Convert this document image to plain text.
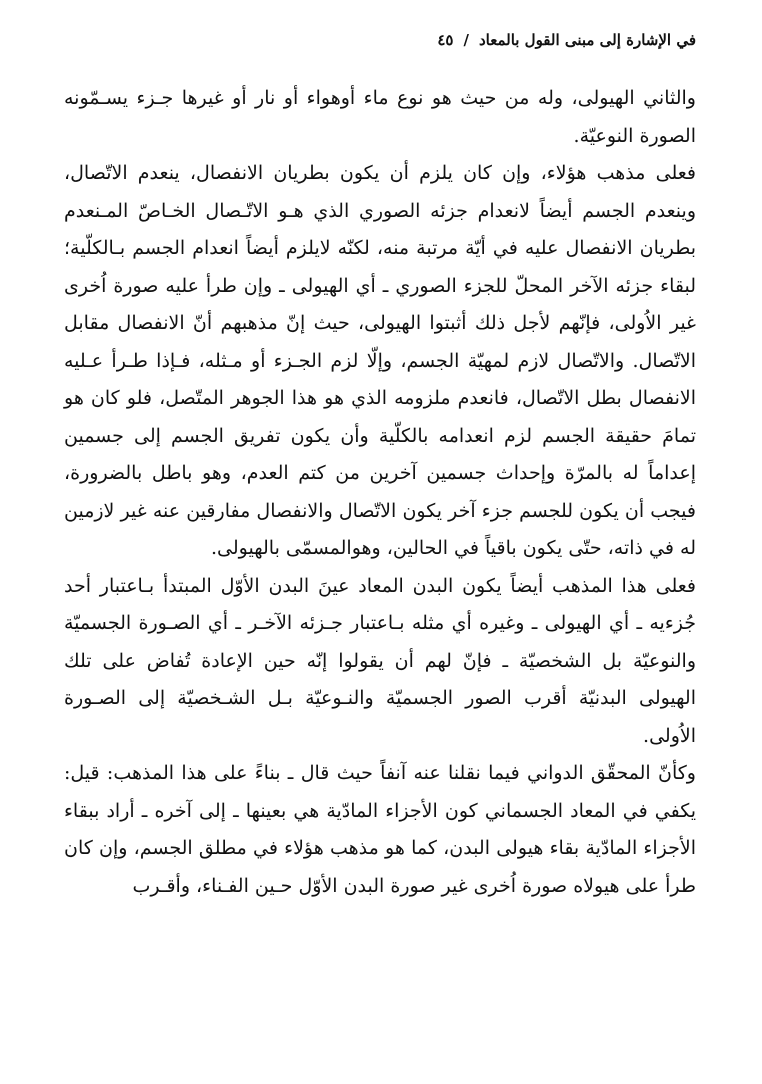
في الإشارة إلى مبنى القول بالمعاد
/
٤٥

والثاني الهيولى، وله من حيث هو نوع ماء أوهواء أو نار أو غيرها جـزء يسـمّونه الصورة النوعيّة.

فعلى مذهب هؤلاء، وإن كان يلزم أن يكون بطريان الانفصال، ينعدم الاتّصال، وينعدم الجسم أيضاً لانعدام جزئه الصوري الذي هـو الاتّـصال الخـاصّ المـنعدم بطريان الانفصال عليه في أيّة مرتبة منه، لكنّه لايلزم أيضاً انعدام الجسم بـالكلّية؛ لبقاء جزئه الآخر المحلّ للجزء الصوري ـ أي الهيولى ـ وإن طرأ عليه صورة اُخرى غير الاُولى، فإنّهم لأجل ذلك أثبتوا الهيولى، حيث إنّ مذهبهم أنّ الانفصال مقابل الاتّصال. والاتّصال لازم لمهيّة الجسم، وإلّا لزم الجـزء أو مـثله، فـإذا طـرأ عـليه الانفصال بطل الاتّصال، فانعدم ملزومه الذي هو هذا الجوهر المتّصل، فلو كان هو تمامَ حقيقة الجسم لزم انعدامه بالكلّية وأن يكون تفريق الجسم إلى جسمين إعداماً له بالمرّة وإحداث جسمين آخرين من كتم العدم، وهو باطل بالضرورة، فيجب أن يكون للجسم جزء آخر يكون الاتّصال والانفصال مفارقين عنه غير لازمين له في ذاته، حتّى يكون باقياً في الحالين، وهوالمسمّى بالهيولى.

فعلى هذا المذهب أيضاً يكون البدن المعاد عينَ البدن الأوّل المبتدأ بـاعتبار أحد جُزءيه ـ أي الهيولى ـ وغيره أي مثله بـاعتبار جـزئه الآخـر ـ أي الصـورة الجسميّة والنوعيّة بل الشخصيّة ـ فإنّ لهم أن يقولوا إنّه حين الإعادة تُفاض على تلك الهيولى البدنيّة أقرب الصور الجسميّة والنـوعيّة بـل الشـخصيّة إلى الصـورة الاُولى.

وكأنّ المحقّق الدواني فيما نقلنا عنه آنفاً حيث قال ـ بناءً على هذا المذهب: قيل: يكفي في المعاد الجسماني كون الأجزاء المادّية هي بعينها ـ إلى آخره ـ أراد ببقاء الأجزاء المادّية بقاء هيولى البدن، كما هو مذهب هؤلاء في مطلق الجسم، وإن كان طرأ على هيولاه صورة اُخرى غير صورة البدن الأوّل حـين الفـناء، وأقـرب
